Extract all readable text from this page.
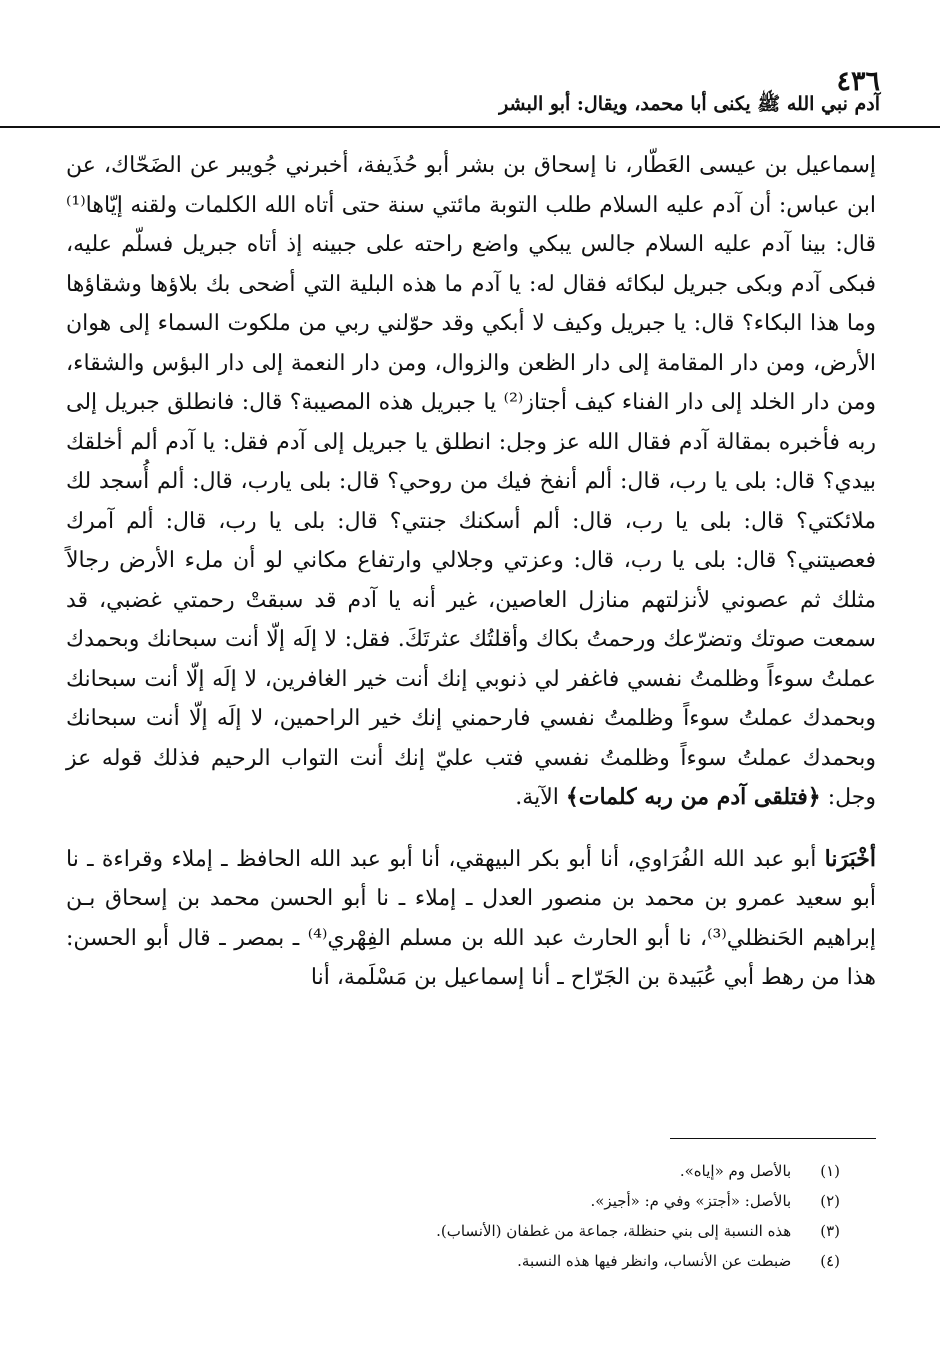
٤٣٦
آدم نبي الله ﷺ يكنى أبا محمد، ويقال: أبو البشر

إسماعيل بن عيسى العَطّار، نا إسحاق بن بشر أبو حُذَيفة، أخبرني جُويبر عن الضَحّاك، عن ابن عباس: أن آدم عليه السلام طلب التوبة مائتي سنة حتى أتاه الله الكلمات ولقنه إيّاها⁽¹⁾ قال: بينا آدم عليه السلام جالس يبكي واضع راحته على جبينه إذ أتاه جبريل فسلّم عليه، فبكى آدم وبكى جبريل لبكائه فقال له: يا آدم ما هذه البلية التي أضحى بك بلاؤها وشقاؤها وما هذا البكاء؟ قال: يا جبريل وكيف لا أبكي وقد حوّلني ربي من ملكوت السماء إلى هوان الأرض، ومن دار المقامة إلى دار الظعن والزوال، ومن دار النعمة إلى دار البؤس والشقاء، ومن دار الخلد إلى دار الفناء كيف أجتاز⁽²⁾ يا جبريل هذه المصيبة؟ قال: فانطلق جبريل إلى ربه فأخبره بمقالة آدم فقال الله عز وجل: انطلق يا جبريل إلى آدم فقل: يا آدم ألم أخلقك بيدي؟ قال: بلى يا رب، قال: ألم أنفخ فيك من روحي؟ قال: بلى يارب، قال: ألم أُسجد لك ملائكتي؟ قال: بلى يا رب، قال: ألم أسكنك جنتي؟ قال: بلى يا رب، قال: ألم آمرك فعصيتني؟ قال: بلى يا رب، قال: وعزتي وجلالي وارتفاع مكاني لو أن ملء الأرض رجالاً مثلك ثم عصوني لأنزلتهم منازل العاصين، غير أنه يا آدم قد سبقتْ رحمتي غضبي، قد سمعت صوتك وتضرّعك ورحمتُ بكاك وأقلتُك عثرتَكَ. فقل: لا إلَه إلّا أنت سبحانك وبحمدك عملتُ سوءاً وظلمتُ نفسي فاغفر لي ذنوبي إنك أنت خير الغافرين، لا إلَه إلّا أنت سبحانك وبحمدك عملتُ سوءاً وظلمتُ نفسي فارحمني إنك خير الراحمين، لا إلَه إلّا أنت سبحانك وبحمدك عملتُ سوءاً وظلمتُ نفسي فتب عليّ إنك أنت التواب الرحيم فذلك قوله عز وجل: ﴿فتلقى آدم من ربه كلمات﴾ الآية.

أخْبَرَنا أبو عبد الله الفُرَاوي، أنا أبو بكر البيهقي، أنا أبو عبد الله الحافظ ـ إملاء وقراءة ـ نا أبو سعيد عمرو بن محمد بن منصور العدل ـ إملاء ـ نا أبو الحسن محمد بن إسحاق بـن إبراهيم الحَنظلي⁽³⁾، نا أبو الحارث عبد الله بن مسلم الفِهْري⁽⁴⁾ ـ بمصر ـ قال أبو الحسن: هذا من رهط أبي عُبَيدة بن الجَرّاح ـ أنا إسماعيل بن مَسْلَمة، أنا

(١) بالأصل وم «إياه».
(٢) بالأصل: «أجتز» وفي م: «أجيز».
(٣) هذه النسبة إلى بني حنظلة، جماعة من غطفان (الأنساب).
(٤) ضبطت عن الأنساب، وانظر فيها هذه النسبة.
